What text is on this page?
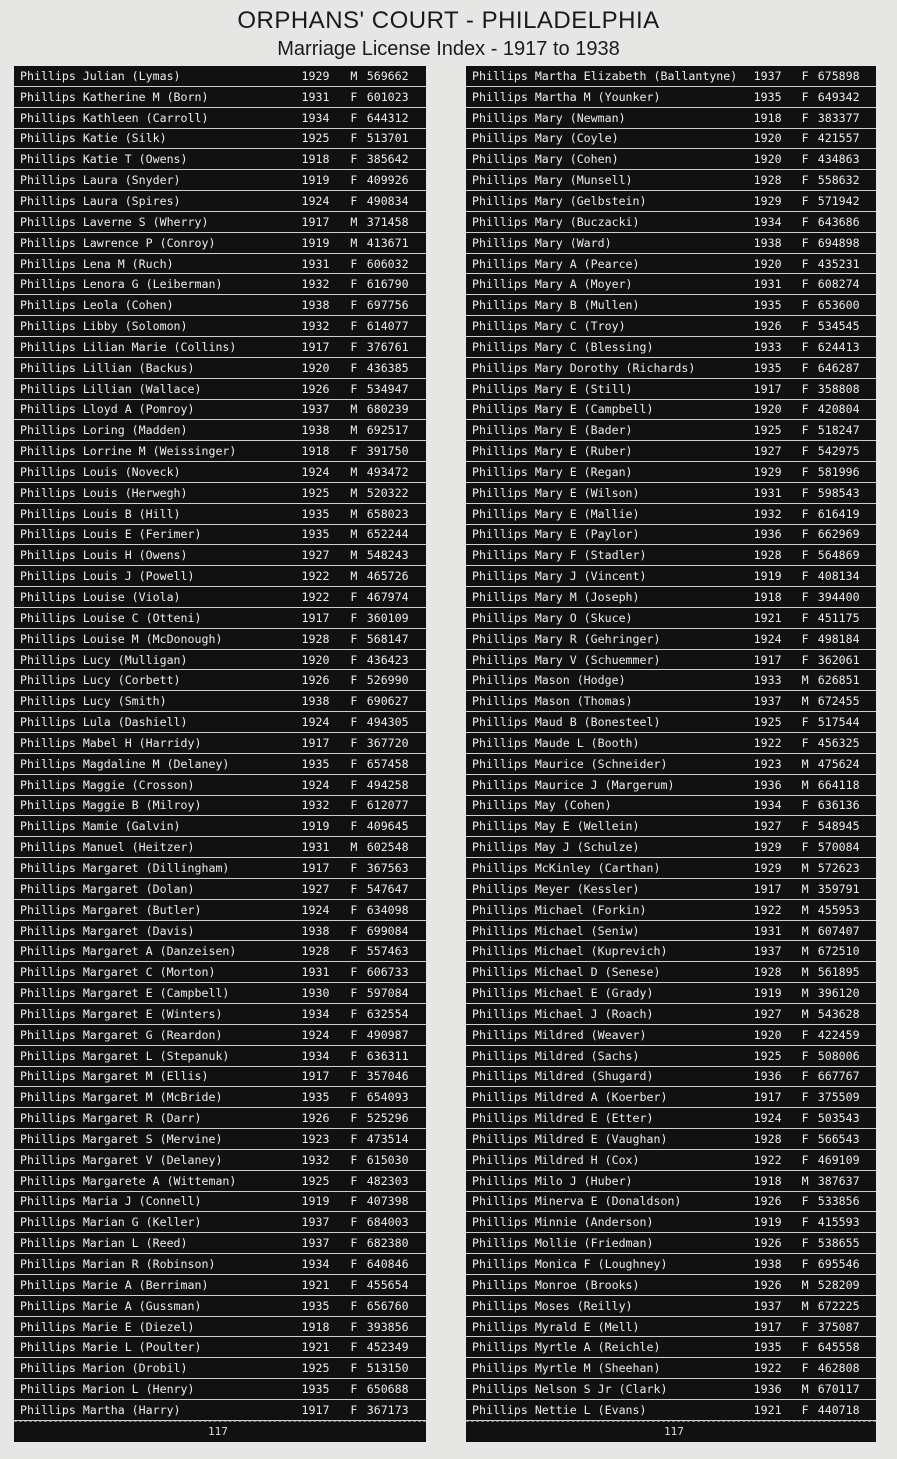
ORPHANS' COURT - PHILADELPHIA
Marriage License Index - 1917 to 1938
Phillips Julian (Lymas)	1929	M 569662
Phillips Katherine M (Born)	1931	F 601023
Phillips Kathleen (Carroll)	1934	F 644312
Phillips Katie (Silk)	1925	F 513701
Phillips Katie T (Owens)	1918	F 385642
Phillips Laura (Snyder)	1919	F 409926
Phillips Laura (Spires)	1924	F 490834
Phillips Laverne S (Wherry)	1917	M 371458
Phillips Lawrence P (Conroy)	1919	M 413671
Phillips Lena M (Ruch)	1931	F 606032
Phillips Lenora G (Leiberman)	1932	F 616790
Phillips Leola (Cohen)	1938	F 697756
Phillips Libby (Solomon)	1932	F 614077
Phillips Lilian Marie (Collins)	1917	F 376761
Phillips Lillian (Backus)	1920	F 436385
Phillips Lillian (Wallace)	1926	F 534947
Phillips Lloyd A (Pomroy)	1937	M 680239
Phillips Loring (Madden)	1938	M 692517
Phillips Lorrine M (Weissinger)	1918	F 391750
Phillips Louis (Noveck)	1924	M 493472
Phillips Louis (Herwegh)	1925	M 520322
Phillips Louis B (Hill)	1935	M 658023
Phillips Louis E (Ferimer)	1935	M 652244
Phillips Louis H (Owens)	1927	M 548243
Phillips Louis J (Powell)	1922	M 465726
Phillips Louise (Viola)	1922	F 467974
Phillips Louise C (Otteni)	1917	F 360109
Phillips Louise M (McDonough)	1928	F 568147
Phillips Lucy (Mulligan)	1920	F 436423
Phillips Lucy (Corbett)	1926	F 526990
Phillips Lucy (Smith)	1938	F 690627
Phillips Lula (Dashiell)	1924	F 494305
Phillips Mabel H (Harridy)	1917	F 367720
Phillips Magdaline M (Delaney)	1935	F 657458
Phillips Maggie (Crosson)	1924	F 494258
Phillips Maggie B (Milroy)	1932	F 612077
Phillips Mamie (Galvin)	1919	F 409645
Phillips Manuel (Heitzer)	1931	M 602548
Phillips Margaret (Dillingham)	1917	F 367563
Phillips Margaret (Dolan)	1927	F 547647
Phillips Margaret (Butler)	1924	F 634098
Phillips Margaret (Davis)	1938	F 699084
Phillips Margaret A (Danzeisen)	1928	F 557463
Phillips Margaret C (Morton)	1931	F 606733
Phillips Margaret E (Campbell)	1930	F 597084
Phillips Margaret E (Winters)	1934	F 632554
Phillips Margaret G (Reardon)	1924	F 490987
Phillips Margaret L (Stepanuk)	1934	F 636311
Phillips Margaret M (Ellis)	1917	F 357046
Phillips Margaret M (McBride)	1935	F 654093
Phillips Margaret R (Darr)	1926	F 525296
Phillips Margaret S (Mervine)	1923	F 473514
Phillips Margaret V (Delaney)	1932	F 615030
Phillips Margarete A (Witteman)	1925	F 482303
Phillips Maria J (Connell)	1919	F 407398
Phillips Marian G (Keller)	1937	F 684003
Phillips Marian L (Reed)	1937	F 682380
Phillips Marian R (Robinson)	1934	F 640846
Phillips Marie A (Berriman)	1921	F 455654
Phillips Marie A (Gussman)	1935	F 656760
Phillips Marie E (Diezel)	1918	F 393856
Phillips Marie L (Poulter)	1921	F 452349
Phillips Marion (Drobil)	1925	F 513150
Phillips Marion L (Henry)	1935	F 650688
Phillips Martha (Harry)	1917	F 367173
117
Phillips Martha Elizabeth (Ballantyne)	1937	F 675898
Phillips Martha M (Younker)	1935	F 649342
Phillips Mary (Newman)	1918	F 383377
Phillips Mary (Coyle)	1920	F 421557
Phillips Mary (Cohen)	1920	F 434863
Phillips Mary (Munsell)	1928	F 558632
Phillips Mary (Gelbstein)	1929	F 571942
Phillips Mary (Buczacki)	1934	F 643686
Phillips Mary (Ward)	1938	F 694898
Phillips Mary A (Pearce)	1920	F 435231
Phillips Mary A (Moyer)	1931	F 608274
Phillips Mary B (Mullen)	1935	F 653600
Phillips Mary C (Troy)	1926	F 534545
Phillips Mary C (Blessing)	1933	F 624413
Phillips Mary Dorothy (Richards)	1935	F 646287
Phillips Mary E (Still)	1917	F 358808
Phillips Mary E (Campbell)	1920	F 420804
Phillips Mary E (Bader)	1925	F 518247
Phillips Mary E (Ruber)	1927	F 542975
Phillips Mary E (Regan)	1929	F 581996
Phillips Mary E (Wilson)	1931	F 598543
Phillips Mary E (Mallie)	1932	F 616419
Phillips Mary E (Paylor)	1936	F 662969
Phillips Mary F (Stadler)	1928	F 564869
Phillips Mary J (Vincent)	1919	F 408134
Phillips Mary M (Joseph)	1918	F 394400
Phillips Mary O (Skuce)	1921	F 451175
Phillips Mary R (Gehringer)	1924	F 498184
Phillips Mary V (Schuemmer)	1917	F 362061
Phillips Mason (Hodge)	1933	M 626851
Phillips Mason (Thomas)	1937	M 672455
Phillips Maud B (Bonesteel)	1925	F 517544
Phillips Maude L (Booth)	1922	F 456325
Phillips Maurice (Schneider)	1923	M 475624
Phillips Maurice J (Margerum)	1936	M 664118
Phillips May (Cohen)	1934	F 636136
Phillips May E (Wellein)	1927	F 548945
Phillips May J (Schulze)	1929	F 570084
Phillips McKinley (Carthan)	1929	M 572623
Phillips Meyer (Kessler)	1917	M 359791
Phillips Michael (Forkin)	1922	M 455953
Phillips Michael (Seniw)	1931	M 607407
Phillips Michael (Kuprevich)	1937	M 672510
Phillips Michael D (Senese)	1928	M 561895
Phillips Michael E (Grady)	1919	M 396120
Phillips Michael J (Roach)	1927	M 543628
Phillips Mildred (Weaver)	1920	F 422459
Phillips Mildred (Sachs)	1925	F 508006
Phillips Mildred (Shugard)	1936	F 667767
Phillips Mildred A (Koerber)	1917	F 375509
Phillips Mildred E (Etter)	1924	F 503543
Phillips Mildred E (Vaughan)	1928	F 566543
Phillips Mildred H (Cox)	1922	F 469109
Phillips Milo J (Huber)	1918	M 387637
Phillips Minerva E (Donaldson)	1926	F 533856
Phillips Minnie (Anderson)	1919	F 415593
Phillips Mollie (Friedman)	1926	F 538655
Phillips Monica F (Loughney)	1938	F 695546
Phillips Monroe (Brooks)	1926	M 528209
Phillips Moses (Reilly)	1937	M 672225
Phillips Myrald E (Mell)	1917	F 375087
Phillips Myrtle A (Reichle)	1935	F 645558
Phillips Myrtle M (Sheehan)	1922	F 462808
Phillips Nelson S Jr (Clark)	1936	M 670117
Phillips Nettie L (Evans)	1921	F 440718
117
